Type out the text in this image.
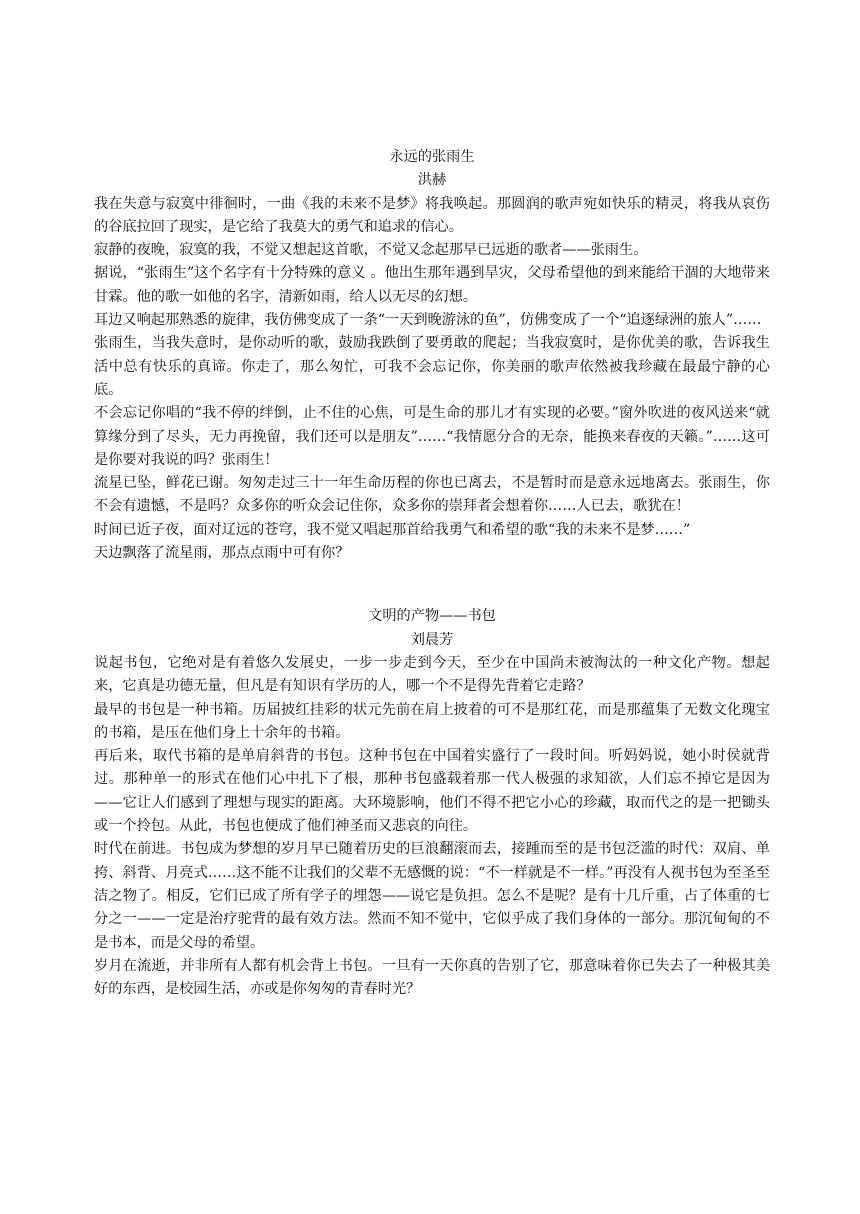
永远的张雨生
洪赫

我在失意与寂寞中徘徊时，一曲《我的未来不是梦》将我唤起。那圆润的歌声宛如快乐的精灵，将我从哀伤的谷底拉回了现实，是它给了我莫大的勇气和追求的信心。

寂静的夜晚，寂寞的我，不觉又想起这首歌，不觉又念起那早已远逝的歌者——张雨生。

据说，“张雨生”这个名字有十分特殊的意义 。他出生那年遇到旱灾，父母希望他的到来能给干涸的大地带来甘霖。他的歌一如他的名字，清新如雨，给人以无尽的幻想。

耳边又响起那熟悉的旋律，我仿佛变成了一条“一天到晚游泳的鱼”，仿佛变成了一个“追逐绿洲的旅人”……

张雨生，当我失意时，是你动听的歌，鼓励我跌倒了要勇敢的爬起；当我寂寞时，是你优美的歌，告诉我生活中总有快乐的真谛。你走了，那么匆忙，可我不会忘记你，你美丽的歌声依然被我珍藏在最最宁静的心底。

不会忘记你唱的“我不停的绊倒，止不住的心焦，可是生命的那儿才有实现的必要。”窗外吹进的夜风送来“就算缘分到了尽头，无力再挽留，我们还可以是朋友”……“我情愿分合的无奈，能换来春夜的天籁。”……这可是你要对我说的吗？张雨生！

流星已坠，鲜花已谢。匆匆走过三十一年生命历程的你也已离去，不是暂时而是意永远地离去。张雨生，你不会有遗憾，不是吗？众多你的听众会记住你，众多你的崇拜者会想着你……人已去，歌犹在！

时间已近子夜，面对辽远的苍穹，我不觉又唱起那首给我勇气和希望的歌“我的未来不是梦……”

天边飘落了流星雨，那点点雨中可有你？

文明的产物——书包
刘晨芳

说起书包，它绝对是有着悠久发展史，一步一步走到今天，至少在中国尚未被淘汰的一种文化产物。想起来，它真是功德无量，但凡是有知识有学历的人，哪一个不是得先背着它走路？

最早的书包是一种书箱。历届披红挂彩的状元先前在肩上披着的可不是那红花，而是那蕴集了无数文化瑰宝的书箱，是压在他们身上十余年的书箱。

再后来，取代书箱的是单肩斜背的书包。这种书包在中国着实盛行了一段时间。听妈妈说，她小时侯就背过。那种单一的形式在他们心中扎下了根，那种书包盛载着那一代人极强的求知欲，人们忘不掉它是因为——它让人们感到了理想与现实的距离。大环境影响，他们不得不把它小心的珍藏，取而代之的是一把锄头或一个拎包。从此，书包也便成了他们神圣而又悲哀的向往。

时代在前进。书包成为梦想的岁月早已随着历史的巨浪翻滚而去，接踵而至的是书包泛滥的时代：双肩、单挎、斜背、月亮式……这不能不让我们的父辈不无感慨的说：“不一样就是不一样。”再没有人视书包为至圣至洁之物了。相反，它们已成了所有学子的埋怨——说它是负担。怎么不是呢？是有十几斤重，占了体重的七分之一——一定是治疗驼背的最有效方法。然而不知不觉中，它似乎成了我们身体的一部分。那沉甸甸的不是书本，而是父母的希望。

岁月在流逝，并非所有人都有机会背上书包。一旦有一天你真的告别了它，那意味着你已失去了一种极其美好的东西，是校园生活，亦或是你匆匆的青春时光？
